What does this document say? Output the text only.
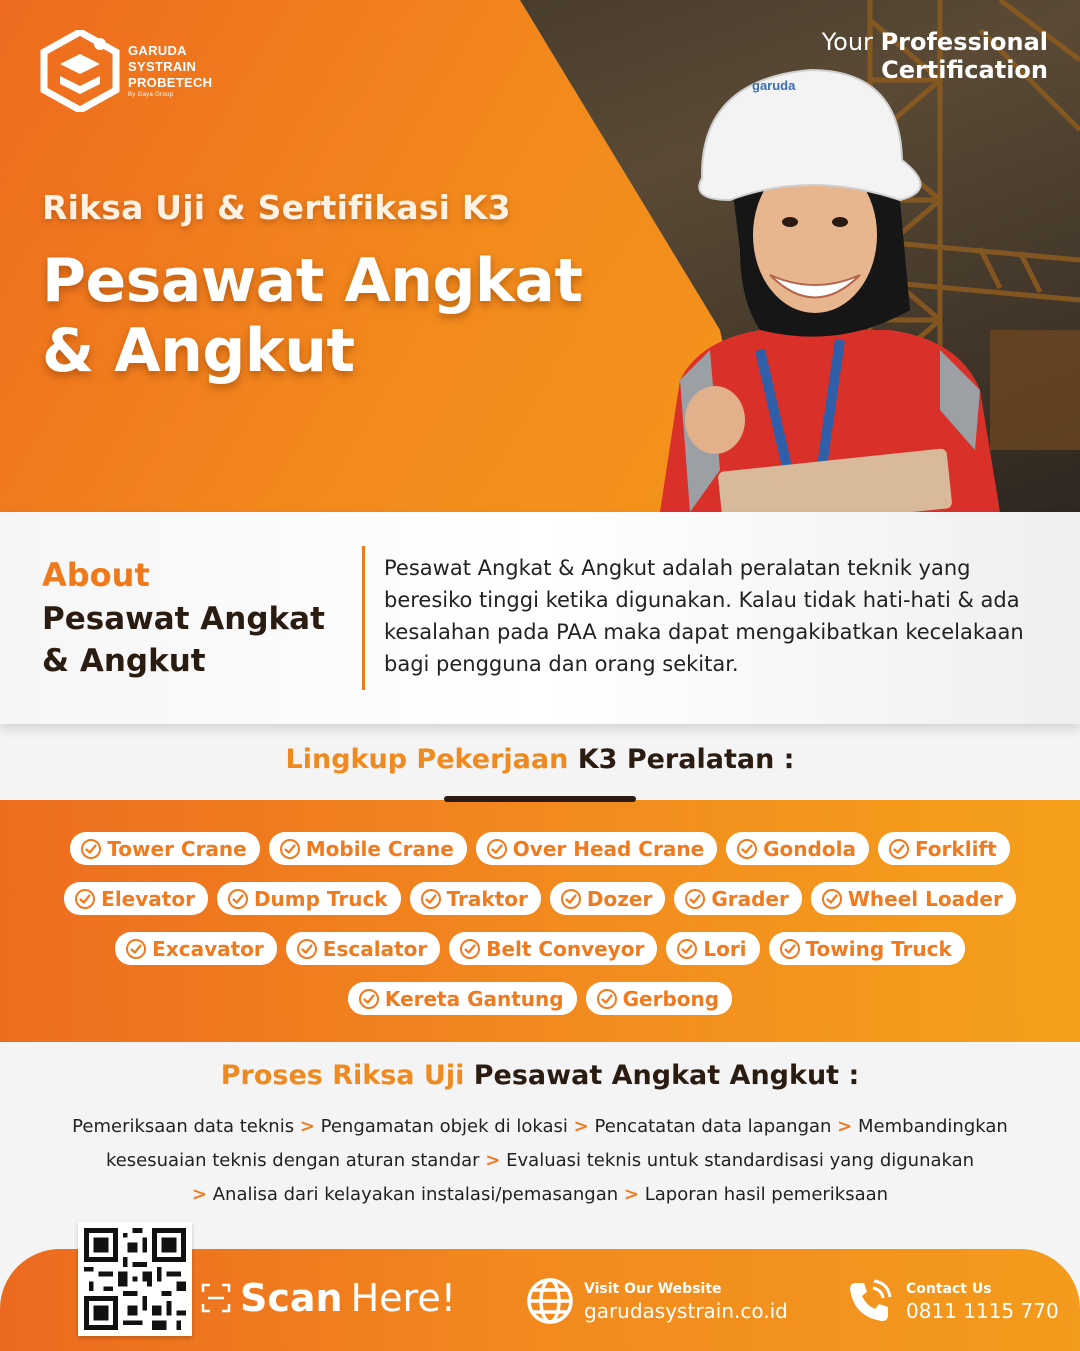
GARUDA
SYSTRAIN
PROBETECH
By Gaya Group
Your Professional
Certification
Riksa Uji & Sertifikasi K3
Pesawat Angkat
& Angkut
garuda
About
Pesawat Angkat
& Angkut
Pesawat Angkat & Angkut adalah peralatan teknik yang beresiko tinggi ketika digunakan. Kalau tidak hati-hati & ada kesalahan pada PAA maka dapat mengakibatkan kecelakaan bagi pengguna dan orang sekitar.
Lingkup Pekerjaan K3 Peralatan :
Tower Crane	Mobile Crane	Over Head Crane	Gondola	Forklift
Elevator	Dump Truck	Traktor	Dozer	Grader	Wheel Loader
Excavator	Escalator	Belt Conveyor	Lori	Towing Truck
Kereta Gantung	Gerbong
Proses Riksa Uji Pesawat Angkat Angkut :
Pemeriksaan data teknis > Pengamatan objek di lokasi > Pencatatan data lapangan > Membandingkan kesesuaian teknis dengan aturan standar > Evaluasi teknis untuk standardisasi yang digunakan
> Analisa dari kelayakan instalasi/pemasangan > Laporan hasil pemeriksaan
Scan Here!	Visit Our Website
garudasystrain.co.id
Contact Us
0811 1115 770
